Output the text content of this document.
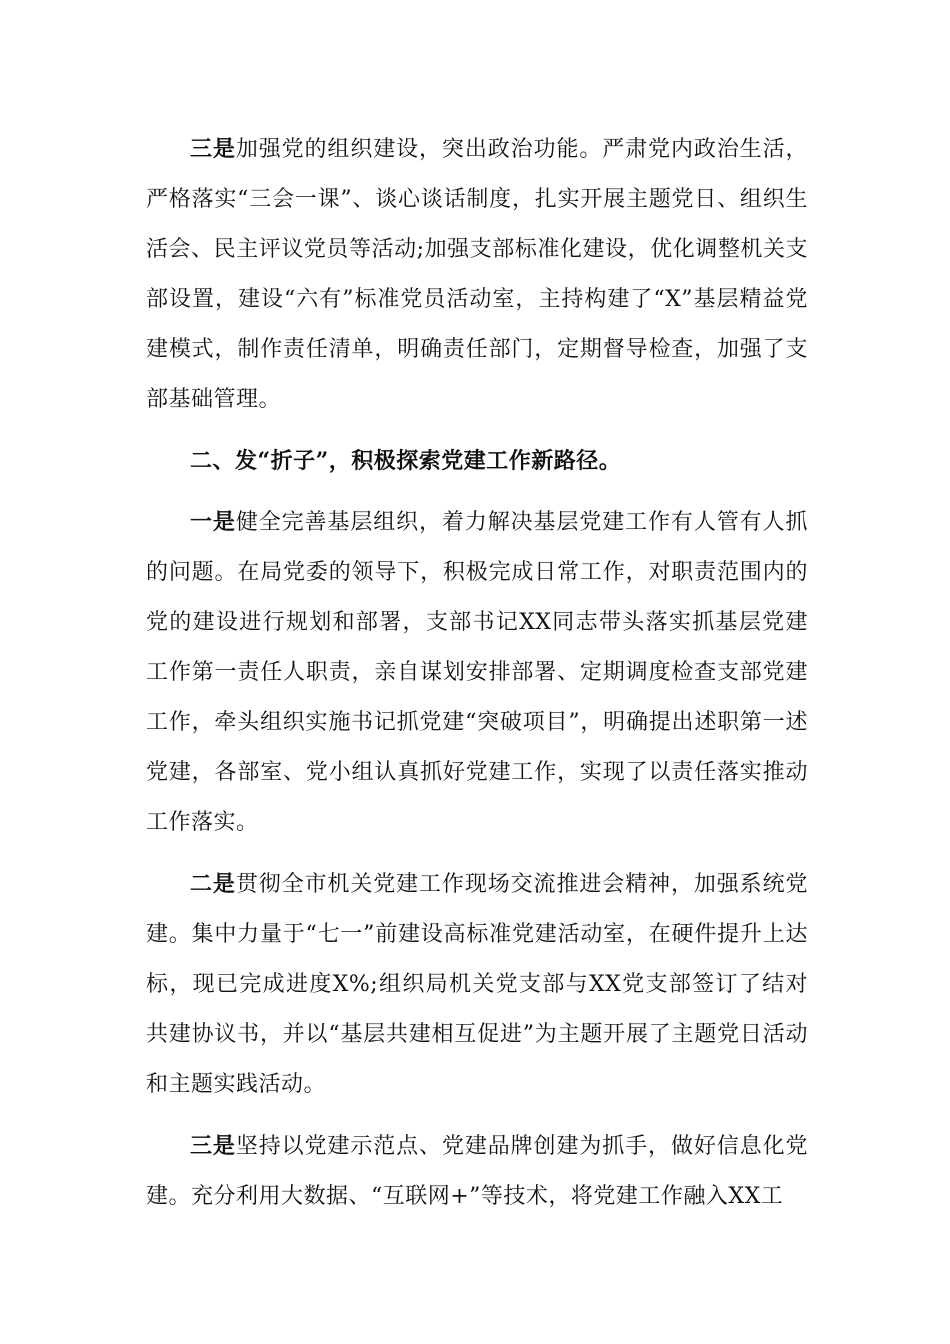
三是加强党的组织建设，突出政治功能。严肃党内政治生活，严格落实“三会一课”、谈心谈话制度，扎实开展主题党日、组织生活会、民主评议党员等活动;加强支部标准化建设，优化调整机关支部设置，建设“六有”标准党员活动室，主持构建了“X”基层精益党建模式，制作责任清单，明确责任部门，定期督导检查，加强了支部基础管理。

二、发“折子”，积极探索党建工作新路径。

一是健全完善基层组织，着力解决基层党建工作有人管有人抓的问题。在局党委的领导下，积极完成日常工作，对职责范围内的党的建设进行规划和部署，支部书记XX同志带头落实抓基层党建工作第一责任人职责，亲自谋划安排部署、定期调度检查支部党建工作，牵头组织实施书记抓党建“突破项目”，明确提出述职第一述党建，各部室、党小组认真抓好党建工作，实现了以责任落实推动工作落实。

二是贯彻全市机关党建工作现场交流推进会精神，加强系统党建。集中力量于“七一”前建设高标准党建活动室，在硬件提升上达标，现已完成进度X%;组织局机关党支部与XX党支部签订了结对共建协议书，并以“基层共建相互促进”为主题开展了主题党日活动和主题实践活动。

三是坚持以党建示范点、党建品牌创建为抓手，做好信息化党建。充分利用大数据、“互联网+”等技术，将党建工作融入XX工
